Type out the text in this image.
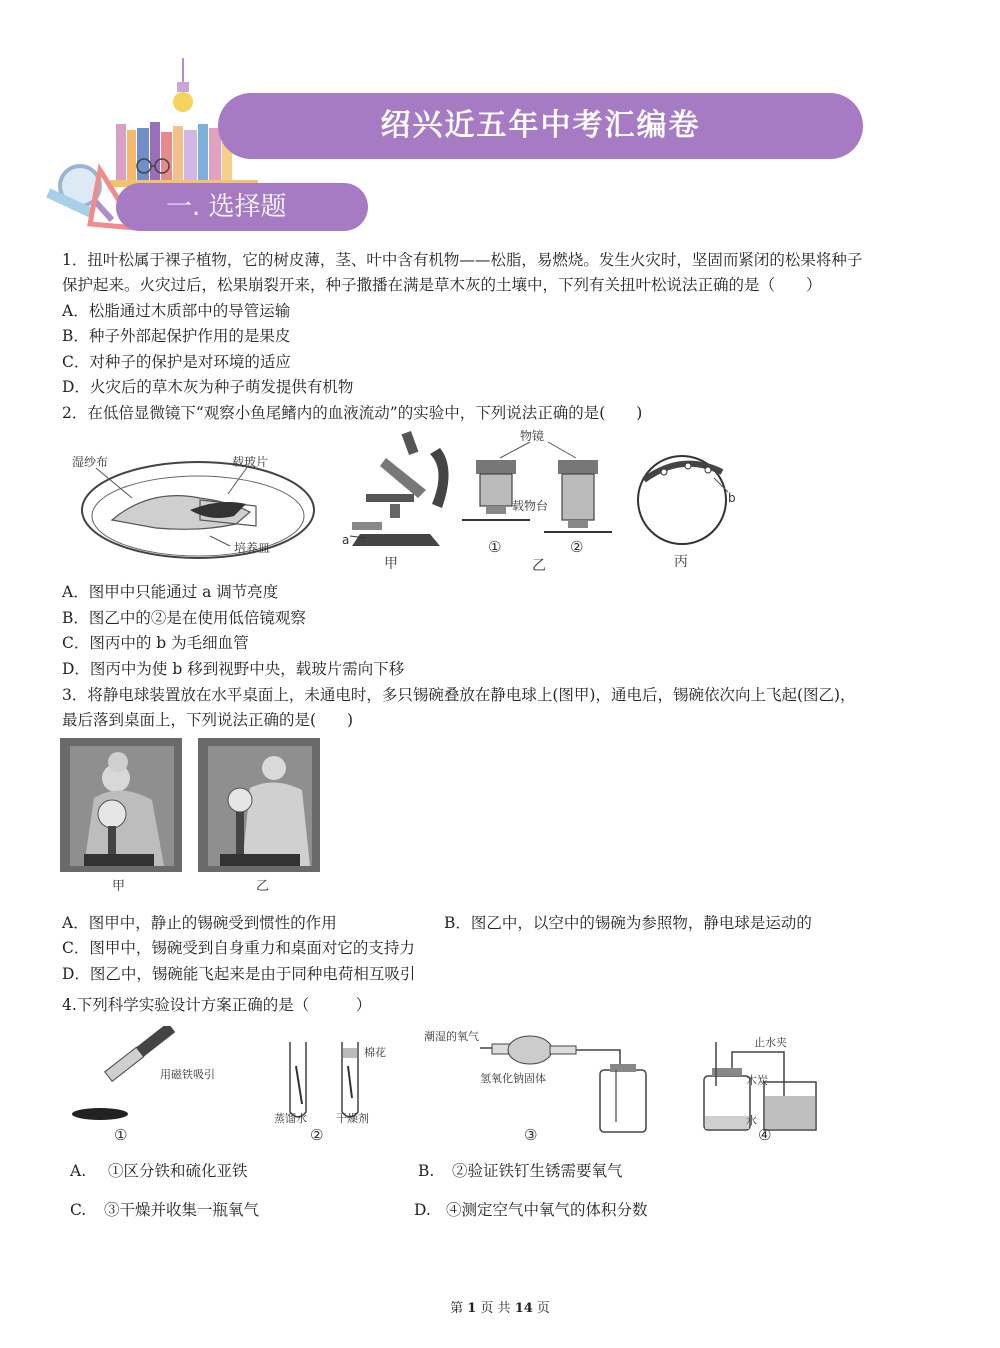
绍兴近五年中考汇编卷
一. 选择题
1．扭叶松属于裸子植物，它的树皮薄，茎、叶中含有机物——松脂，易燃烧。发生火灾时，坚固而紧闭的松果将种子
保护起来。火灾过后，松果崩裂开来，种子撒播在满是草木灰的土壤中，下列有关扭叶松说法正确的是（　　）
A．松脂通过木质部中的导管运输
B．种子外部起保护作用的是果皮
C．对种子的保护是对环境的适应
D．火灾后的草木灰为种子萌发提供有机物
2．在低倍显微镜下“观察小鱼尾鳍内的血液流动”的实验中，下列说法正确的是(　　)
湿纱布	载玻片
培养皿
a
甲
物镜
载物台
①	②
乙
b
丙
A．图甲中只能通过 a 调节亮度
B．图乙中的②是在使用低倍镜观察
C．图丙中的 b 为毛细血管
D．图丙中为使 b 移到视野中央，载玻片需向下移
3．将静电球装置放在水平桌面上，未通电时，多只锡碗叠放在静电球上(图甲)，通电后，锡碗依次向上飞起(图乙)，
最后落到桌面上，下列说法正确的是(　　)
甲	乙
A．图甲中，静止的锡碗受到惯性的作用	B．图乙中，以空中的锡碗为参照物，静电球是运动的
C．图甲中，锡碗受到自身重力和桌面对它的支持力
D．图乙中，锡碗能飞起来是由于同种电荷相互吸引
4.下列科学实验设计方案正确的是（　　　）
用磁铁吸引
①
棉花
蒸馏水	干燥剂
②
潮湿的氧气
氢氧化钠固体
③
止水夹
木炭
水
④
A. ①区分铁和硫化亚铁	B. ②验证铁钉生锈需要氧气
C. ③干燥并收集一瓶氧气	D. ④测定空气中氧气的体积分数
第 1 页 共 14 页
